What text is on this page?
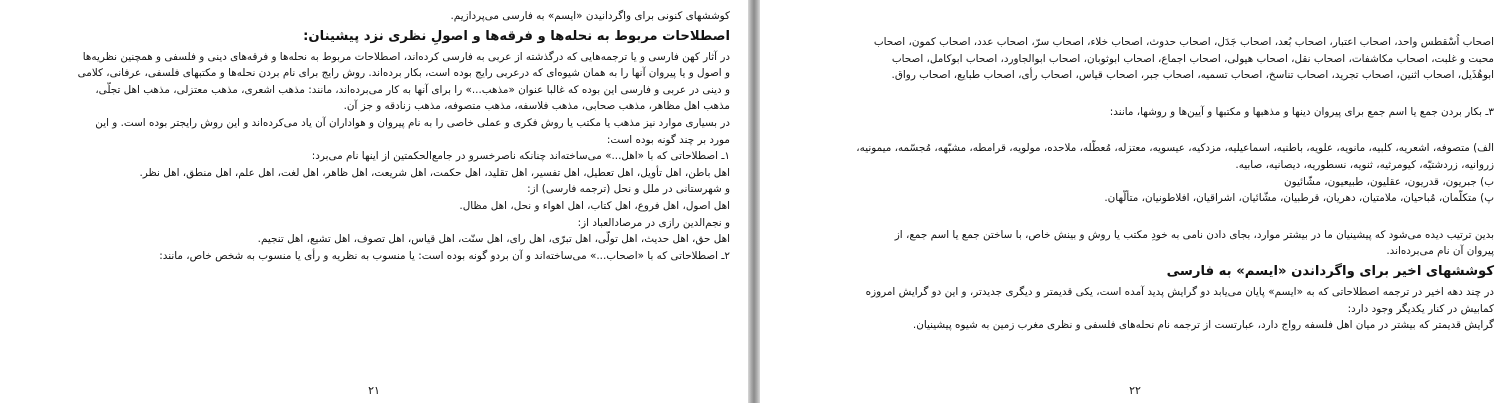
کوششهای کنونی برای واگردانیدن «ایسم» به فارسی می‌پردازیم.

اصطلاحات مربوط به نحله‌ها و فرقه‌ها و اصولِ نظری نزد پیشینان:

در آثار کهن فارسی و یا ترجمه‌هایی که درگذشته از عربی به فارسی کرده‌اند، اصطلاحات مربوط به نحله‌ها و فرقه‌های دینی و فلسفی و همچنین نظریه‌ها

و اصول و یا پیروان آنها را به همان شیوه‌ای که درعربی رایج بوده است، بکار برده‌اند. روش رایج برای نام بردن نحله‌ها و مکتبهای فلسفی، عرفانی، کلامی

و دینی در عربی و فارسی این بوده که غالبا عنوان «مذهب...» را برای آنها به کار می‌برده‌اند، مانند: مذهب اشعری، مذهب معتزلی، مذهب اهل تجلّی،

مذهب اهل مظاهر، مذهب صحابی، مذهب فلاسفه، مذهب متصوفه، مذهب زنادقه و جز آن.

در بسیاری موارد نیز مذهب یا مکتب یا روش فکری و عملی خاصی را به نام پیروان و هواداران آن یاد می‌کرده‌اند و این روش رایجتر بوده است. و این

مورد بر چند گونه بوده است:

۱ـ اصطلاحاتی که با «اهل...» می‌ساخته‌اند چنانکه ناصرخسرو در جامع‌الحکمتین از اینها نام می‌برد:

اهل باطن، اهل تأویل، اهل تعطیل، اهل تفسیر، اهل تقلید، اهل حکمت، اهل شریعت، اهل ظاهر، اهل لغت، اهل علم، اهل منطق، اهل نظر.

و شهرستانی در ملل و نحل (ترجمه فارسی) از:

اهل اصول، اهل فروع، اهل کتاب، اهل اهواء و نحل، اهل مظال.

و نجم‌الدین رازی در مرصادالعباد از:

اهل حق، اهل حدیث، اهل تولّی، اهل تبرّی، اهل رای، اهل سنّت، اهل قیاس، اهل تصوف، اهل تشیع، اهل تنجیم.

۲ـ اصطلاحاتی که با «اصحاب...» می‌ساخته‌اند و آن بردو گونه بوده است: یا منسوب به نظریه و رأی یا منسوب به شخص خاص، مانند:

۲۱

اصحاب اُسْقطس واحد، اصحاب اعتبار، اصحاب بُعد، اصحاب جَدَل، اصحاب حدوث، اصحاب خلاء، اصحاب سرّ، اصحاب عدد، اصحاب کمون، اصحاب

محبت و غلبت، اصحاب مکاشفات، اصحاب نقل، اصحاب هیولی، اصحاب اجماع، اصحاب ابوثوبان، اصحاب ابوالجاورد، اصحاب ابوکامل، اصحاب

ابوهُذَیل، اصحاب اثنین، اصحاب تجرید، اصحاب تناسخ، اصحاب تسمیه، اصحاب جبر، اصحاب قیاس، اصحاب رأی، اصحاب طبایع، اصحاب رواق.

۳ـ بکار بردن جمع یا اسم جمع برای پیروان دینها و مذهبها و مکتبها و آیین‌ها و روشها، مانند:

الف) متصوفه، اشعریه، کلبیه، مانویه، علویه، باطنیه، اسماعیلیه، مزدکیه، عیسویه، معتزله، مُعطّله، ملاحده، مولویه، قرامطه، مشبّهه، مُجسّمه، میمونیه،

زروانیه، زردشتیّه، کیومرثیه، ثنویه، نسطوریه، دیصانیه، صابیه.

ب) جبریون، قدریون، عقلیون، طبیعیون، مشّائیون

پ) متکلّمان، مُباحیان، ملامتیان، دهریان، قرطبیان، مشّائیان، اشراقیان، افلاطونیان، متألّهان.

بدین ترتیب دیده می‌شود که پیشینیان ما در بیشتر موارد، بجای دادن نامی به خودِ مکتب یا روش و بینش خاص، با ساختن جمع یا اسم جمع، از

پیروان آن نام می‌برده‌اند.

کوششهای اخیر برای واگرداندن «ایسم» به فارسی

در چند دهه اخیر در ترجمه اصطلاحاتی که به «ایسم» پایان می‌یابد دو گرایش پدید آمده است، یکی قدیمتر و دیگری جدیدتر، و این دو گرایش امروزه

کمابیش در کنار یکدیگر وجود دارد:

گرایش قدیمتر که بیشتر در میان اهل فلسفه رواج دارد، عبارتست از ترجمه نام نحله‌های فلسفی و نظری مغرب زمین به شیوه پیشینیان.

۲۲
